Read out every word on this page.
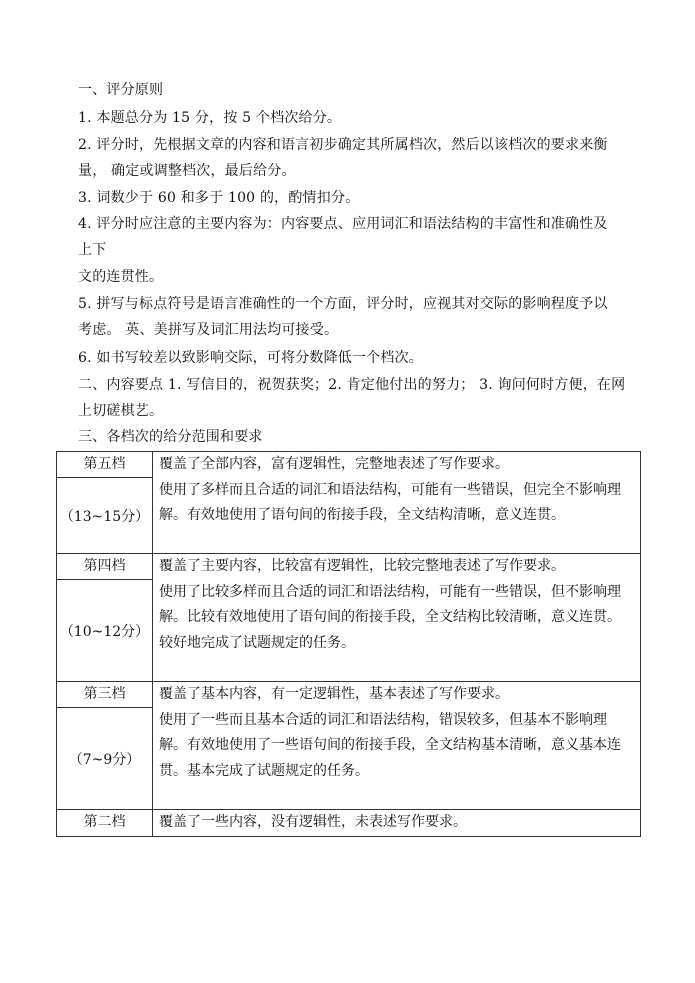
一、评分原则
1. 本题总分为 15 分，按 5 个档次给分。
2. 评分时，先根据文章的内容和语言初步确定其所属档次，然后以该档次的要求来衡
量， 确定或调整档次，最后给分。
3. 词数少于 60 和多于 100 的，酌情扣分。
4. 评分时应注意的主要内容为：内容要点、应用词汇和语法结构的丰富性和准确性及
上下
文的连贯性。
5. 拼写与标点符号是语言准确性的一个方面，评分时，应视其对交际的影响程度予以
考虑。 英、美拼写及词汇用法均可接受。
6. 如书写较差以致影响交际，可将分数降低一个档次。
二、内容要点 1. 写信目的，祝贺获奖；2. 肯定他付出的努力； 3. 询问何时方便，在网
上切磋棋艺。
三、各档次的给分范围和要求
第五档	覆盖了全部内容，富有逻辑性，完整地表述了写作要求。
使用了多样而且合适的词汇和语法结构，可能有一些错误，但完全不影响理解。有效地使用了语句间的衔接手段，全文结构清晰，意义连贯。

（13~15分）	
第四档	覆盖了主要内容，比较富有逻辑性，比较完整地表述了写作要求。
使用了比较多样而且合适的词汇和语法结构，可能有一些错误，但不影响理解。比较有效地使用了语句间的衔接手段，全文结构比较清晰，意义连贯。较好地完成了试题规定的任务。

（10~12分）	
第三档	覆盖了基本内容，有一定逻辑性，基本表述了写作要求。
使用了一些而且基本合适的词汇和语法结构，错误较多，但基本不影响理解。有效地使用了一些语句间的衔接手段，全文结构基本清晰，意义基本连贯。基本完成了试题规定的任务。

（7~9分）	
第二档	覆盖了一些内容，没有逻辑性，未表述写作要求。
